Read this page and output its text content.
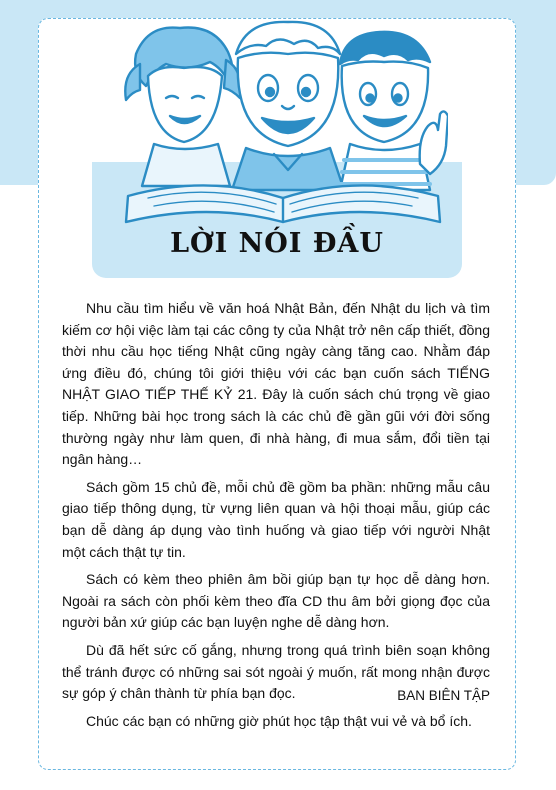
LỜI NÓI ĐẦU

Nhu cầu tìm hiểu về văn hoá Nhật Bản, đến Nhật du lịch và tìm kiếm cơ hội việc làm tại các công ty của Nhật trở nên cấp thiết, đồng thời nhu cầu học tiếng Nhật cũng ngày càng tăng cao. Nhằm đáp ứng điều đó, chúng tôi giới thiệu với các bạn cuốn sách TIẾNG NHẬT GIAO TIẾP THẾ KỶ 21. Đây là cuốn sách chú trọng về giao tiếp. Những bài học trong sách là các chủ đề gần gũi với đời sống thường ngày như làm quen, đi nhà hàng, đi mua sắm, đổi tiền tại ngân hàng…

Sách gồm 15 chủ đề, mỗi chủ đề gồm ba phần: những mẫu câu giao tiếp thông dụng, từ vựng liên quan và hội thoại mẫu, giúp các bạn dễ dàng áp dụng vào tình huống và giao tiếp với người Nhật một cách thật tự tin.

Sách có kèm theo phiên âm bồi giúp bạn tự học dễ dàng hơn. Ngoài ra sách còn phối kèm theo đĩa CD thu âm bởi giọng đọc của người bản xứ giúp các bạn luyện nghe dễ dàng hơn.

Dù đã hết sức cố gắng, nhưng trong quá trình biên soạn không thể tránh được có những sai sót ngoài ý muốn, rất mong nhận được sự góp ý chân thành từ phía bạn đọc.

Chúc các bạn có những giờ phút học tập thật vui vẻ và bổ ích.

BAN BIÊN TẬP
